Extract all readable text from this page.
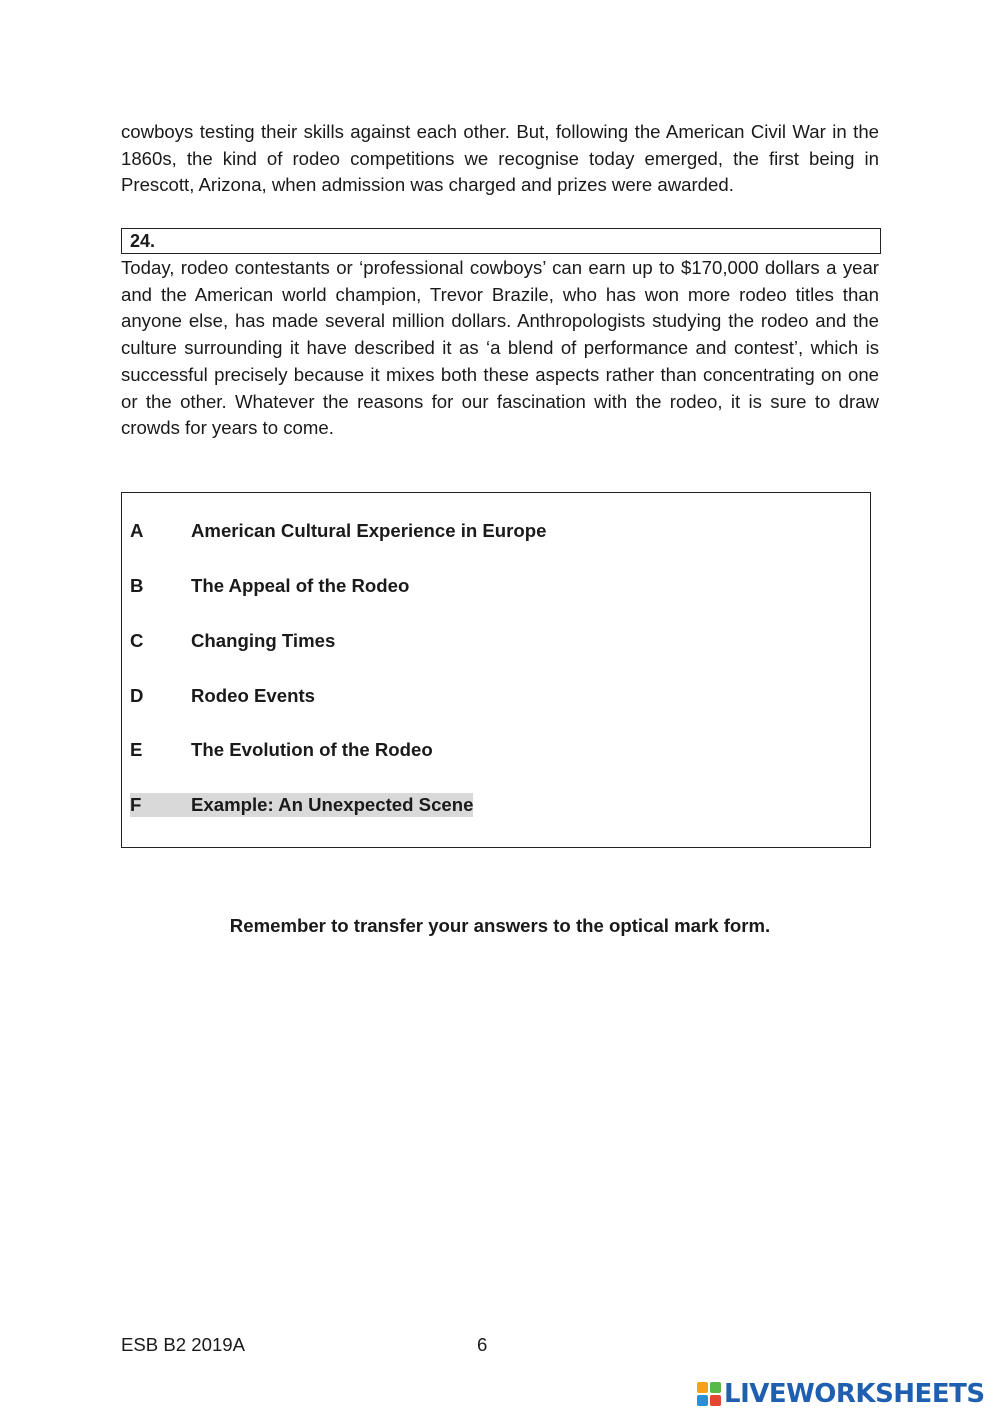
cowboys testing their skills against each other. But, following the American Civil War in the 1860s, the kind of rodeo competitions we recognise today emerged, the first being in Prescott, Arizona, when admission was charged and prizes were awarded.

24.

Today, rodeo contestants or ‘professional cowboys’ can earn up to $170,000 dollars a year and the American world champion, Trevor Brazile, who has won more rodeo titles than anyone else, has made several million dollars. Anthropologists studying the rodeo and the culture surrounding it have described it as ‘a blend of performance and contest’, which is successful precisely because it mixes both these aspects rather than concentrating on one or the other. Whatever the reasons for our fascination with the rodeo, it is sure to draw crowds for years to come.

A	American Cultural Experience in Europe
B	The Appeal of the Rodeo
C	Changing Times
D	Rodeo Events
E	The Evolution of the Rodeo
F	Example: An Unexpected Scene
Remember to transfer your answers to the optical mark form.
ESB B2 2019A	6
LIVEWORKSHEETS
